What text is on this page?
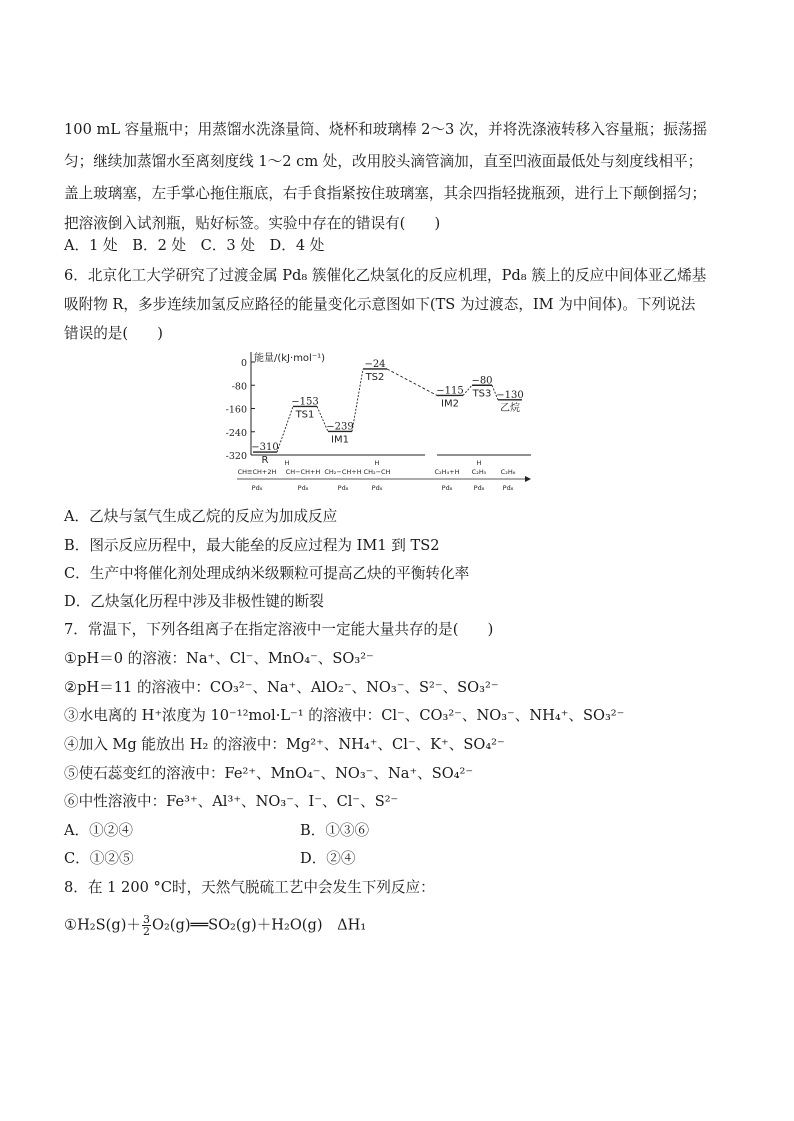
100 mL 容量瓶中；用蒸馏水洗涤量筒、烧杯和玻璃棒 2～3 次，并将洗涤液转移入容量瓶；振荡摇
匀；继续加蒸馏水至离刻度线 1～2 cm 处，改用胶头滴管滴加，直至凹液面最低处与刻度线相平；
盖上玻璃塞，左手掌心拖住瓶底，右手食指紧按住玻璃塞，其余四指轻拢瓶颈，进行上下颠倒摇匀；
把溶液倒入试剂瓶，贴好标签。实验中存在的错误有(　　)
A．1 处　B．2 处　C．3 处　D．4 处
6．北京化工大学研究了过渡金属 Pd₈ 簇催化乙炔氢化的反应机理，Pd₈ 簇上的反应中间体亚乙烯基
吸附物 R，多步连续加氢反应路径的能量变化示意图如下(TS 为过渡态，IM 为中间体)。下列说法
错误的是(　　)
0
-80
-160
-240
-320
能量/(kJ·mol⁻¹)
−310
R
−153
TS1
−239
IM1
−24
TS2
−115
IM2
−80
TS3 −130
乙烷
H	H	H
CH≡CH+2H CH−CH+H CH₂−CH+H CH₂−CH	C₂H₄+H C₂H₅ C₂H₆
Pd₈	Pd₈	Pd₈	Pd₈	Pd₈	Pd₈	Pd₈
A．乙炔与氢气生成乙烷的反应为加成反应
B．图示反应历程中，最大能垒的反应过程为 IM1 到 TS2
C．生产中将催化剂处理成纳米级颗粒可提高乙炔的平衡转化率
D．乙炔氢化历程中涉及非极性键的断裂
7．常温下，下列各组离子在指定溶液中一定能大量共存的是(　　)
①pH＝0 的溶液：Na⁺、Cl⁻、MnO₄⁻、SO₃²⁻
②pH＝11 的溶液中：CO₃²⁻、Na⁺、AlO₂⁻、NO₃⁻、S²⁻、SO₃²⁻
③水电离的 H⁺浓度为 10⁻¹²mol·L⁻¹ 的溶液中：Cl⁻、CO₃²⁻、NO₃⁻、NH₄⁺、SO₃²⁻
④加入 Mg 能放出 H₂ 的溶液中：Mg²⁺、NH₄⁺、Cl⁻、K⁺、SO₄²⁻
⑤使石蕊变红的溶液中：Fe²⁺、MnO₄⁻、NO₃⁻、Na⁺、SO₄²⁻
⑥中性溶液中：Fe³⁺、Al³⁺、NO₃⁻、I⁻、Cl⁻、S²⁻
A．①②④	B．①③⑥
C．①②⑤	D．②④
8．在 1 200 °C时，天然气脱硫工艺中会发生下列反应：
①H₂S(g)＋ $\frac{3}{2}$ O₂(g)══SO₂(g)＋H₂O(g)　ΔH₁
